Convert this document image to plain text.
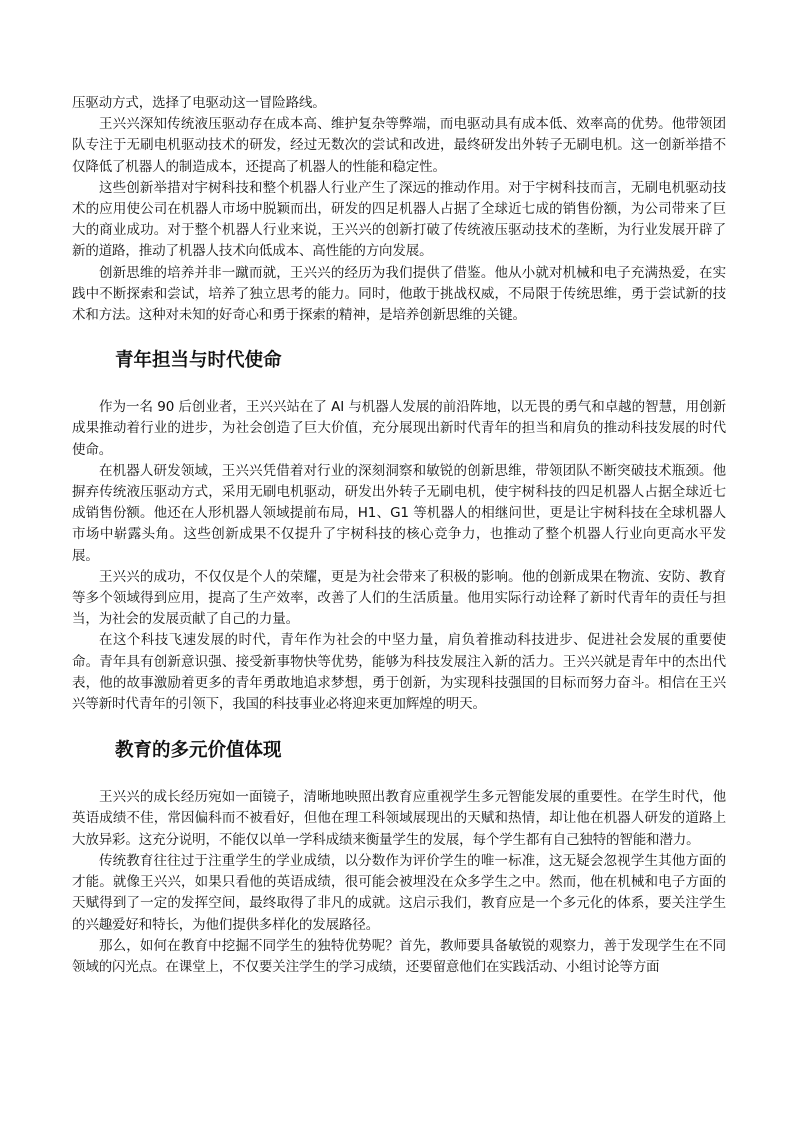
压驱动方式，选择了电驱动这一冒险路线。

王兴兴深知传统液压驱动存在成本高、维护复杂等弊端，而电驱动具有成本低、效率高的优势。他带领团队专注于无刷电机驱动技术的研发，经过无数次的尝试和改进，最终研发出外转子无刷电机。这一创新举措不仅降低了机器人的制造成本，还提高了机器人的性能和稳定性。

这些创新举措对宇树科技和整个机器人行业产生了深远的推动作用。对于宇树科技而言，无刷电机驱动技术的应用使公司在机器人市场中脱颖而出，研发的四足机器人占据了全球近七成的销售份额，为公司带来了巨大的商业成功。对于整个机器人行业来说，王兴兴的创新打破了传统液压驱动技术的垄断，为行业发展开辟了新的道路，推动了机器人技术向低成本、高性能的方向发展。

创新思维的培养并非一蹴而就，王兴兴的经历为我们提供了借鉴。他从小就对机械和电子充满热爱，在实践中不断探索和尝试，培养了独立思考的能力。同时，他敢于挑战权威，不局限于传统思维，勇于尝试新的技术和方法。这种对未知的好奇心和勇于探索的精神，是培养创新思维的关键。

青年担当与时代使命

作为一名 90 后创业者，王兴兴站在了 AI 与机器人发展的前沿阵地，以无畏的勇气和卓越的智慧，用创新成果推动着行业的进步，为社会创造了巨大价值，充分展现出新时代青年的担当和肩负的推动科技发展的时代使命。

在机器人研发领域，王兴兴凭借着对行业的深刻洞察和敏锐的创新思维，带领团队不断突破技术瓶颈。他摒弃传统液压驱动方式，采用无刷电机驱动，研发出外转子无刷电机，使宇树科技的四足机器人占据全球近七成销售份额。他还在人形机器人领域提前布局，H1、G1 等机器人的相继问世，更是让宇树科技在全球机器人市场中崭露头角。这些创新成果不仅提升了宇树科技的核心竞争力，也推动了整个机器人行业向更高水平发展。

王兴兴的成功，不仅仅是个人的荣耀，更是为社会带来了积极的影响。他的创新成果在物流、安防、教育等多个领域得到应用，提高了生产效率，改善了人们的生活质量。他用实际行动诠释了新时代青年的责任与担当，为社会的发展贡献了自己的力量。

在这个科技飞速发展的时代，青年作为社会的中坚力量，肩负着推动科技进步、促进社会发展的重要使命。青年具有创新意识强、接受新事物快等优势，能够为科技发展注入新的活力。王兴兴就是青年中的杰出代表，他的故事激励着更多的青年勇敢地追求梦想，勇于创新，为实现科技强国的目标而努力奋斗。相信在王兴兴等新时代青年的引领下，我国的科技事业必将迎来更加辉煌的明天。

教育的多元价值体现

王兴兴的成长经历宛如一面镜子，清晰地映照出教育应重视学生多元智能发展的重要性。在学生时代，他英语成绩不佳，常因偏科而不被看好，但他在理工科领域展现出的天赋和热情，却让他在机器人研发的道路上大放异彩。这充分说明，不能仅以单一学科成绩来衡量学生的发展，每个学生都有自己独特的智能和潜力。

传统教育往往过于注重学生的学业成绩，以分数作为评价学生的唯一标准，这无疑会忽视学生其他方面的才能。就像王兴兴，如果只看他的英语成绩，很可能会被埋没在众多学生之中。然而，他在机械和电子方面的天赋得到了一定的发挥空间，最终取得了非凡的成就。这启示我们，教育应是一个多元化的体系，要关注学生的兴趣爱好和特长，为他们提供多样化的发展路径。

那么，如何在教育中挖掘不同学生的独特优势呢？首先，教师要具备敏锐的观察力，善于发现学生在不同领域的闪光点。在课堂上，不仅要关注学生的学习成绩，还要留意他们在实践活动、小组讨论等方面
